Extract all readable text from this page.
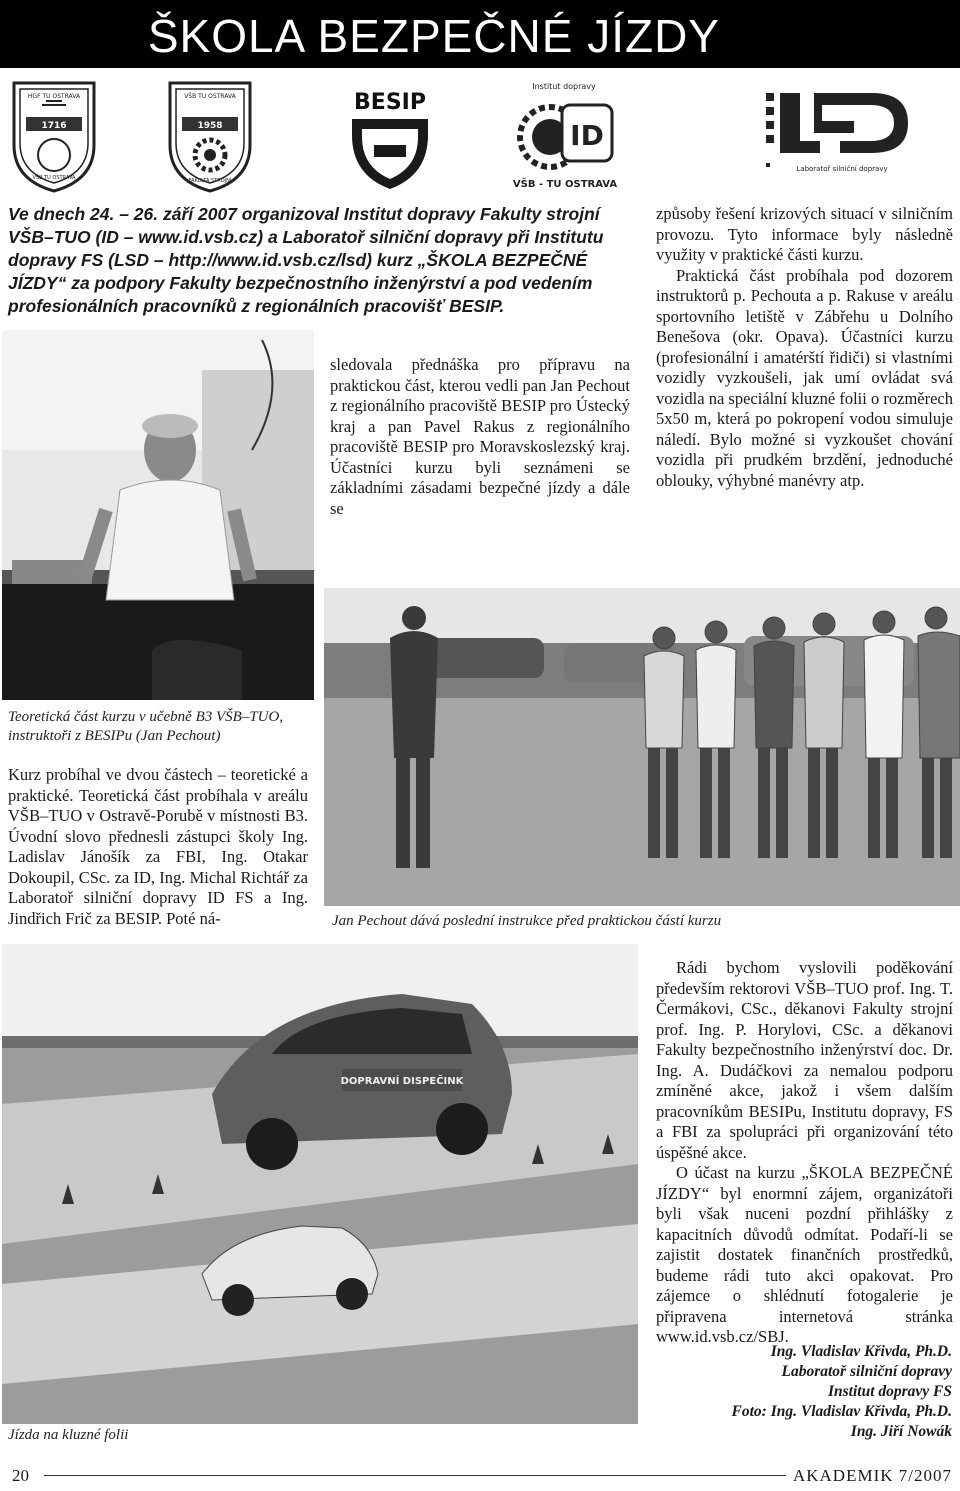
ŠKOLA BEZPEČNÉ JÍZDY
HGF TU OSTRAVA
1716
VŠB TU OSTRAVA
VŠB TU OSTRAVA
1958
FAKULTA STROJNÍ
BESIP
Institut dopravy
ID
VŠB - TU OSTRAVA
Laboratoř silniční dopravy
Ve dnech 24. – 26. září 2007 organizoval Institut dopravy Fakulty strojní VŠB–TUO (ID – www.id.vsb.cz) a Laboratoř silniční dopravy při Institutu dopravy FS (LSD – http://www.id.vsb.cz/lsd) kurz „ŠKOLA BEZPEČNÉ JÍZDY“ za podpory Fakulty bezpečnostního inženýrství a pod vedením profesionálních pracovníků z regionálních pracovišť BESIP.

způsoby řešení krizových situací v silničním provozu. Tyto informace byly následně využity v praktické části kurzu.

Praktická část probíhala pod dozorem instruktorů p. Pechouta a p. Rakuse v areálu sportovního letiště v Zábřehu u Dolního Benešova (okr. Opava). Účastníci kurzu (profesionální i amatérští řidiči) si vlastními vozidly vyzkoušeli, jak umí ovládat svá vozidla na speciální kluzné folii o rozměrech 5x50 m, která po pokropení vodou simuluje náledí. Bylo možné si vyzkoušet chování vozidla při prudkém brzdění, jednoduché oblouky, výhybné manévry atp.

sledovala přednáška pro přípravu na praktickou část, kterou vedli pan Jan Pechout z regionálního pracoviště BESIP pro Ústecký kraj a pan Pavel Rakus z regionálního pracoviště BESIP pro Moravskoslezský kraj. Účastníci kurzu byli seznámeni se základními zásadami bezpečné jízdy a dále se
Jan Pechout dává poslední instrukce před praktickou částí kurzu
Teoretická část kurzu v učebně B3 VŠB–TUO, instruktoři z BESIPu (Jan Pechout)
Kurz probíhal ve dvou částech – teoretické a praktické. Teoretická část probíhala v areálu VŠB–TUO v Ostravě-Porubě v místnosti B3. Úvodní slovo přednesli zástupci školy Ing. Ladislav Jánošík za FBI, Ing. Otakar Dokoupil, CSc. za ID, Ing. Michal Richtář za Laboratoř silniční dopravy ID FS a Ing. Jindřich Frič za BESIP. Poté ná-
DOPRAVNÍ DISPEČINK
Jízda na kluzné folii

Rádi bychom vyslovili poděkování především rektorovi VŠB–TUO prof. Ing. T. Čermákovi, CSc., děkanovi Fakulty strojní prof. Ing. P. Horylovi, CSc. a děkanovi Fakulty bezpečnostního inženýrství doc. Dr. Ing. A. Dudáčkovi za nemalou podporu zmíněné akce, jakož i všem dalším pracovníkům BESIPu, Institutu dopravy, FS a FBI za spolupráci při organizování této úspěšné akce.

O účast na kurzu „ŠKOLA BEZPEČNÉ JÍZDY“ byl enormní zájem, organizátoři byli však nuceni pozdní přihlášky z kapacitních důvodů odmítat. Podaří-li se zajistit dostatek finančních prostředků, budeme rádi tuto akci opakovat. Pro zájemce o shlédnutí fotogalerie je připravena internetová stránka www.id.vsb.cz/SBJ.

Ing. Vladislav Křivda, Ph.D.
Laboratoř silniční dopravy
Institut dopravy FS
Foto: Ing. Vladislav Křivda, Ph.D.
Ing. Jiří Nowák
20	AKADEMIK 7/2007
